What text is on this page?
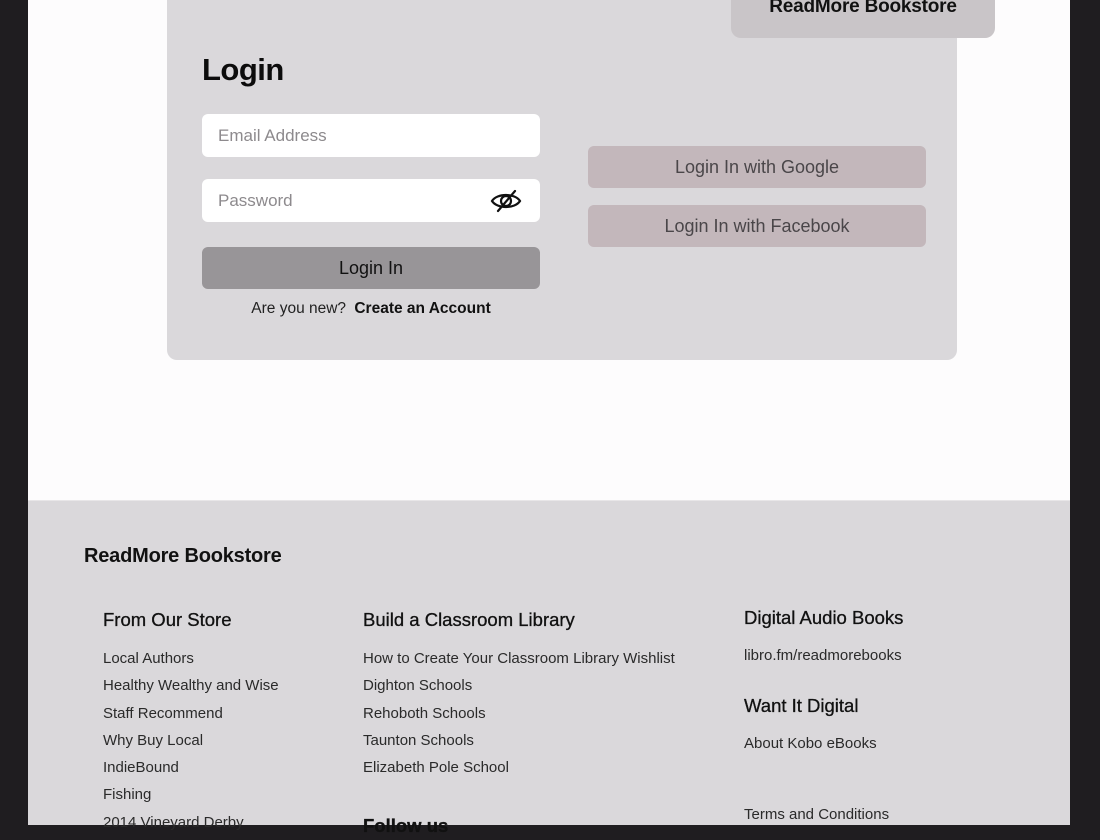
ReadMore Bookstore
Login
Email Address
Login In
Are you new? Create an Account
Login In with Google
Login In with Facebook
ReadMore Bookstore
From Our Store
Local Authors
Healthy Wealthy and Wise
Staff Recommend
Why Buy Local
IndieBound
Fishing
2014 Vineyard Derby
Build a Classroom Library
How to Create Your Classroom Library Wishlist
Dighton Schools
Rehoboth Schools
Taunton Schools
Elizabeth Pole School
Follow us
Digital Audio Books
libro.fm/readmorebooks
Want It Digital
About Kobo eBooks
Terms and Conditions
